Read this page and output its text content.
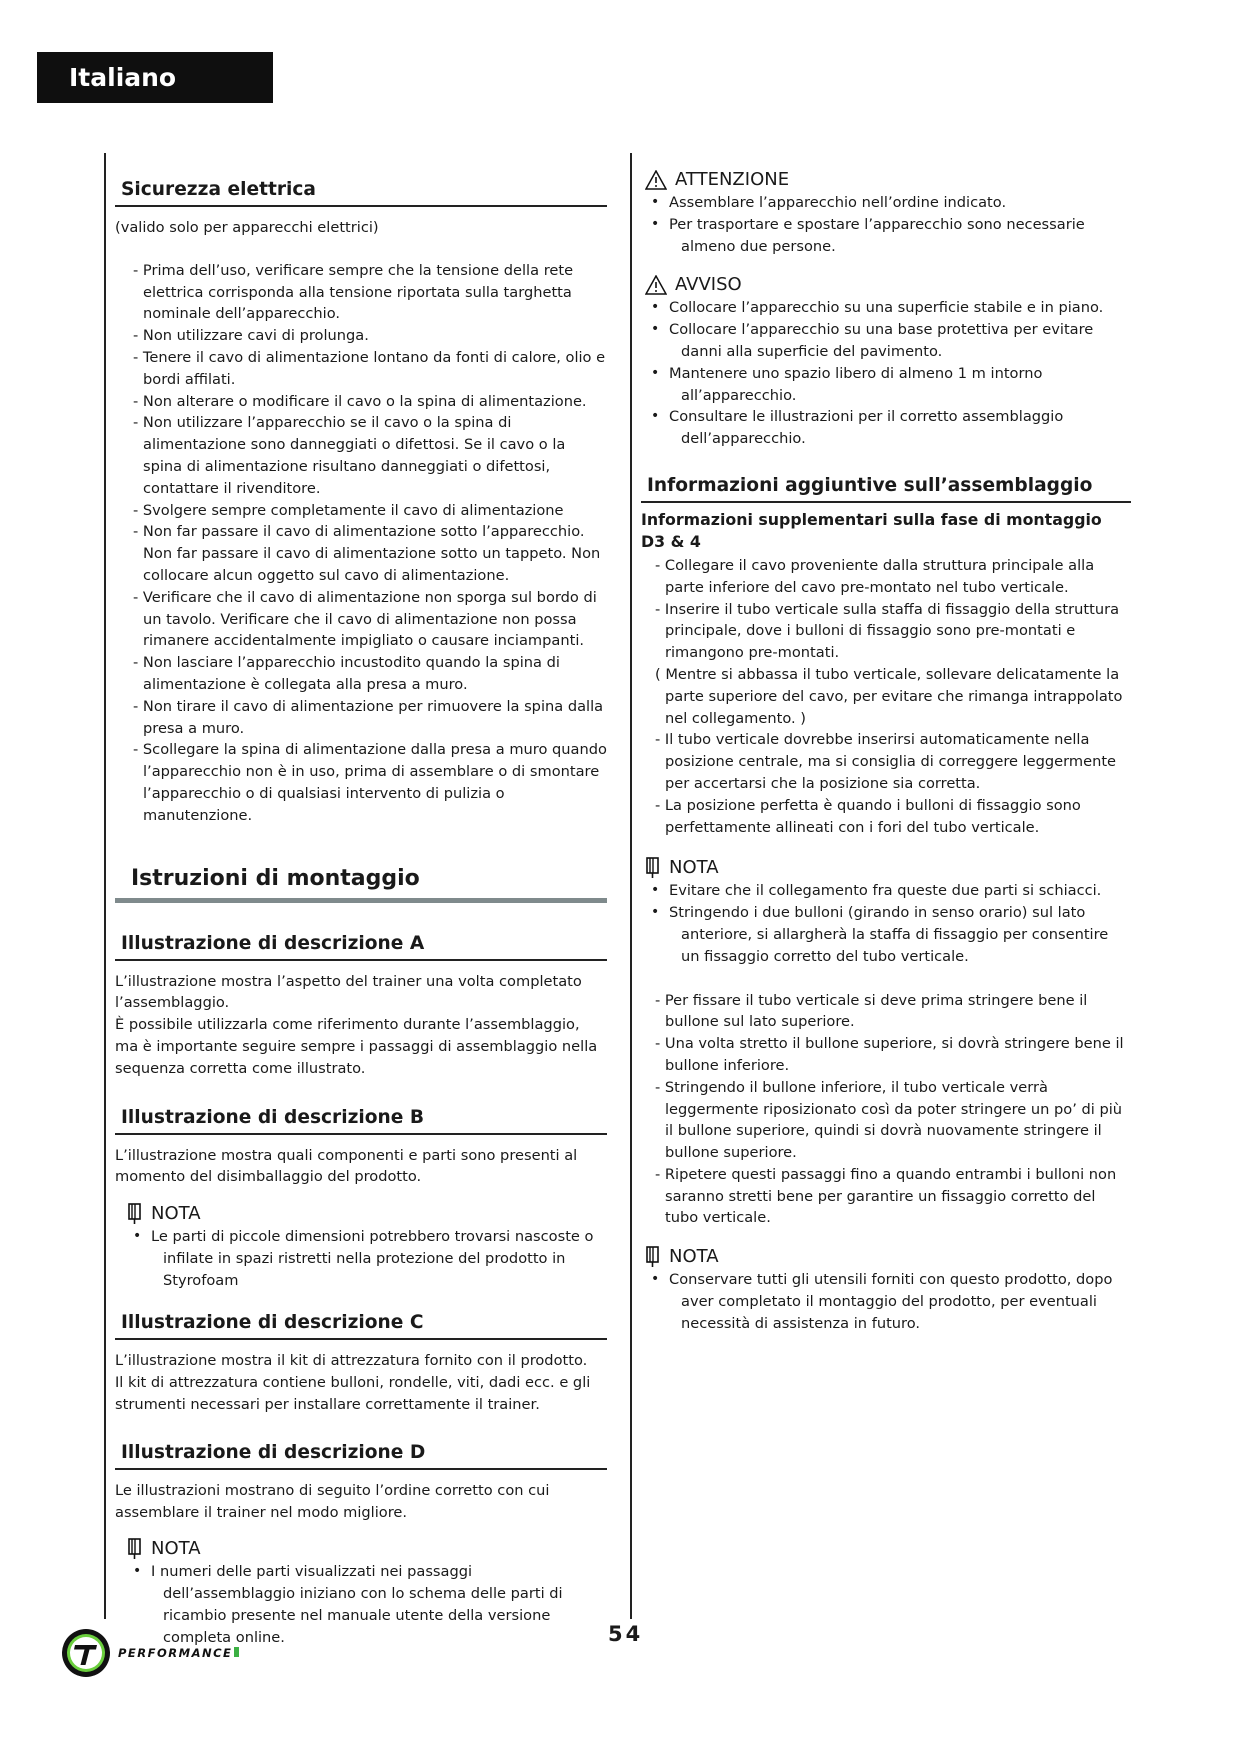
Italiano
Sicurezza elettrica

(valido solo per apparecchi elettrici)

- Prima dell’uso, verificare sempre che la tensione della rete elettrica corrisponda alla tensione riportata sulla targhetta nominale dell’apparecchio.

- Non utilizzare cavi di prolunga.

- Tenere il cavo di alimentazione lontano da fonti di calore, olio e bordi affilati.

- Non alterare o modificare il cavo o la spina di alimentazione.

- Non utilizzare l’apparecchio se il cavo o la spina di alimentazione sono danneggiati o difettosi. Se il cavo o la spina di alimentazione risultano danneggiati o difettosi, contattare il rivenditore.

- Svolgere sempre completamente il cavo di alimentazione

- Non far passare il cavo di alimentazione sotto l’apparecchio. Non far passare il cavo di alimentazione sotto un tappeto. Non collocare alcun oggetto sul cavo di alimentazione.

- Verificare che il cavo di alimentazione non sporga sul bordo di un tavolo. Verificare che il cavo di alimentazione non possa rimanere accidentalmente impigliato o causare inciampanti.

- Non lasciare l’apparecchio incustodito quando la spina di alimentazione è collegata alla presa a muro.

- Non tirare il cavo di alimentazione per rimuovere la spina dalla presa a muro.

- Scollegare la spina di alimentazione dalla presa a muro quando l’apparecchio non è in uso, prima di assemblare o di smontare l’apparecchio o di qualsiasi intervento di pulizia o manutenzione.

Istruzioni di montaggio
Illustrazione di descrizione A

L’illustrazione mostra l’aspetto del trainer una volta completato l’assemblaggio.

È possibile utilizzarla come riferimento durante l’assemblaggio, ma è importante seguire sempre i passaggi di assemblaggio nella sequenza corretta come illustrato.

Illustrazione di descrizione B

L’illustrazione mostra quali componenti e parti sono presenti al momento del disimballaggio del prodotto.

NOTA
• Le parti di piccole dimensioni potrebbero trovarsi nascoste o infilate in spazi ristretti nella protezione del prodotto in Styrofoam
Illustrazione di descrizione C

L’illustrazione mostra il kit di attrezzatura fornito con il prodotto.

Il kit di attrezzatura contiene bulloni, rondelle, viti, dadi ecc. e gli strumenti necessari per installare correttamente il trainer.

Illustrazione di descrizione D

Le illustrazioni mostrano di seguito l’ordine corretto con cui assemblare il trainer nel modo migliore.

NOTA
• I numeri delle parti visualizzati nei passaggi dell’assemblaggio iniziano con lo schema delle parti di ricambio presente nel manuale utente della versione completa online.
ATTENZIONE
• Assemblare l’apparecchio nell’ordine indicato.
• Per trasportare e spostare l’apparecchio sono necessarie almeno due persone.
AVVISO
• Collocare l’apparecchio su una superficie stabile e in piano.
• Collocare l’apparecchio su una base protettiva per evitare danni alla superficie del pavimento.
• Mantenere uno spazio libero di almeno 1 m intorno all’apparecchio.
• Consultare le illustrazioni per il corretto assemblaggio dell’apparecchio.
Informazioni aggiuntive sull’assemblaggio
Informazioni supplementari sulla fase di montaggio D3 & 4

- Collegare il cavo proveniente dalla struttura principale alla parte inferiore del cavo pre-montato nel tubo verticale.

- Inserire il tubo verticale sulla staffa di fissaggio della struttura principale, dove i bulloni di fissaggio sono pre-montati e rimangono pre-montati.

( Mentre si abbassa il tubo verticale, sollevare delicatamente la parte superiore del cavo, per evitare che rimanga intrappolato nel collegamento. )

- Il tubo verticale dovrebbe inserirsi automaticamente nella posizione centrale, ma si consiglia di correggere leggermente per accertarsi che la posizione sia corretta.

- La posizione perfetta è quando i bulloni di fissaggio sono perfettamente allineati con i fori del tubo verticale.

NOTA
• Evitare che il collegamento fra queste due parti si schiacci.
• Stringendo i due bulloni (girando in senso orario) sul lato anteriore, si allargherà la staffa di fissaggio per consentire un fissaggio corretto del tubo verticale.

- Per fissare il tubo verticale si deve prima stringere bene il bullone sul lato superiore.

- Una volta stretto il bullone superiore, si dovrà stringere bene il bullone inferiore.

- Stringendo il bullone inferiore, il tubo verticale verrà leggermente riposizionato così da poter stringere un po’ di più il bullone superiore, quindi si dovrà nuovamente stringere il bullone superiore.

- Ripetere questi passaggi fino a quando entrambi i bulloni non saranno stretti bene per garantire un fissaggio corretto del tubo verticale.

NOTA
• Conservare tutti gli utensili forniti con questo prodotto, dopo aver completato il montaggio del prodotto, per eventuali necessità di assistenza in futuro.
PERFORMANCE
54
